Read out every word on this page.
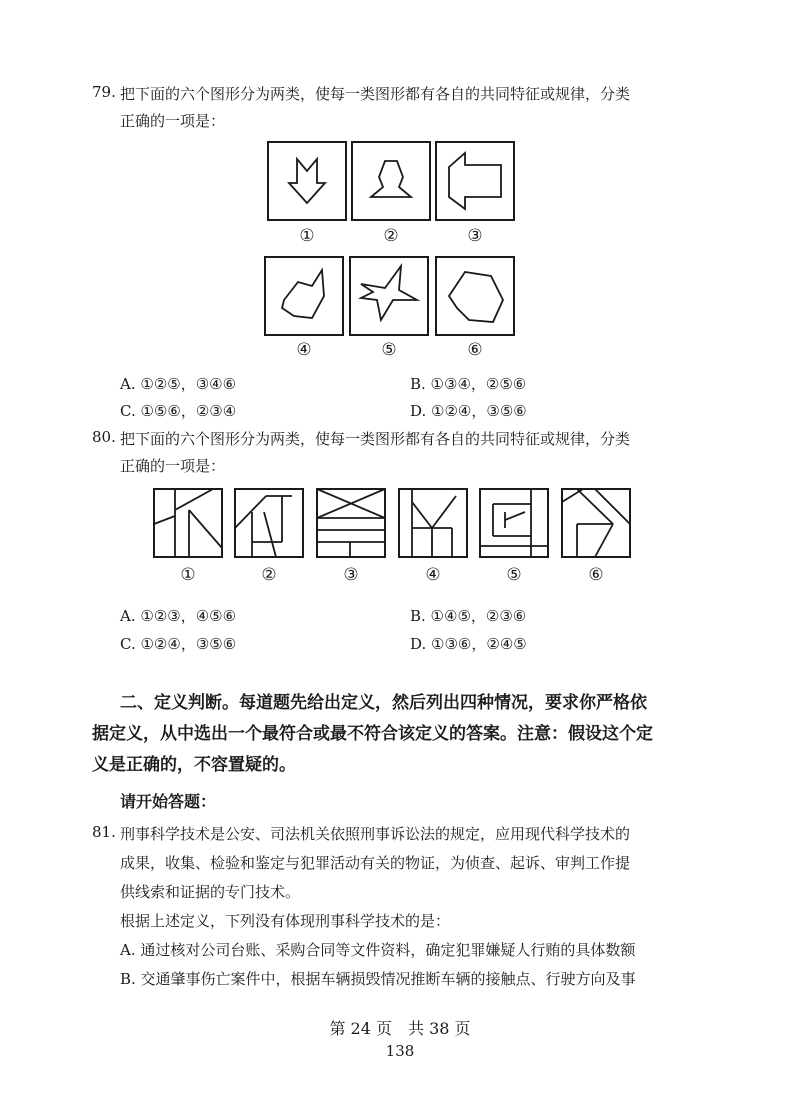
79. 把下面的六个图形分为两类，使每一类图形都有各自的共同特征或规律，分类
正确的一项是：
①	②	③
④	⑤	⑥
A. ①②⑤，③④⑥	B. ①③④，②⑤⑥
C. ①⑤⑥，②③④	D. ①②④，③⑤⑥
80. 把下面的六个图形分为两类，使每一类图形都有各自的共同特征或规律，分类
正确的一项是：
①	②	③	④	⑤	⑥
A. ①②③，④⑤⑥	B. ①④⑤，②③⑥
C. ①②④，③⑤⑥	D. ①③⑥，②④⑤
二、定义判断。每道题先给出定义，然后列出四种情况，要求你严格依
据定义，从中选出一个最符合或最不符合该定义的答案。注意：假设这个定
义是正确的，不容置疑的。
请开始答题：
81. 刑事科学技术是公安、司法机关依照刑事诉讼法的规定，应用现代科学技术的
成果，收集、检验和鉴定与犯罪活动有关的物证，为侦查、起诉、审判工作提
供线索和证据的专门技术。
根据上述定义，下列没有体现刑事科学技术的是：
A. 通过核对公司台账、采购合同等文件资料，确定犯罪嫌疑人行贿的具体数额
B. 交通肇事伤亡案件中，根据车辆损毁情况推断车辆的接触点、行驶方向及事
第 24 页　共 38 页
138
